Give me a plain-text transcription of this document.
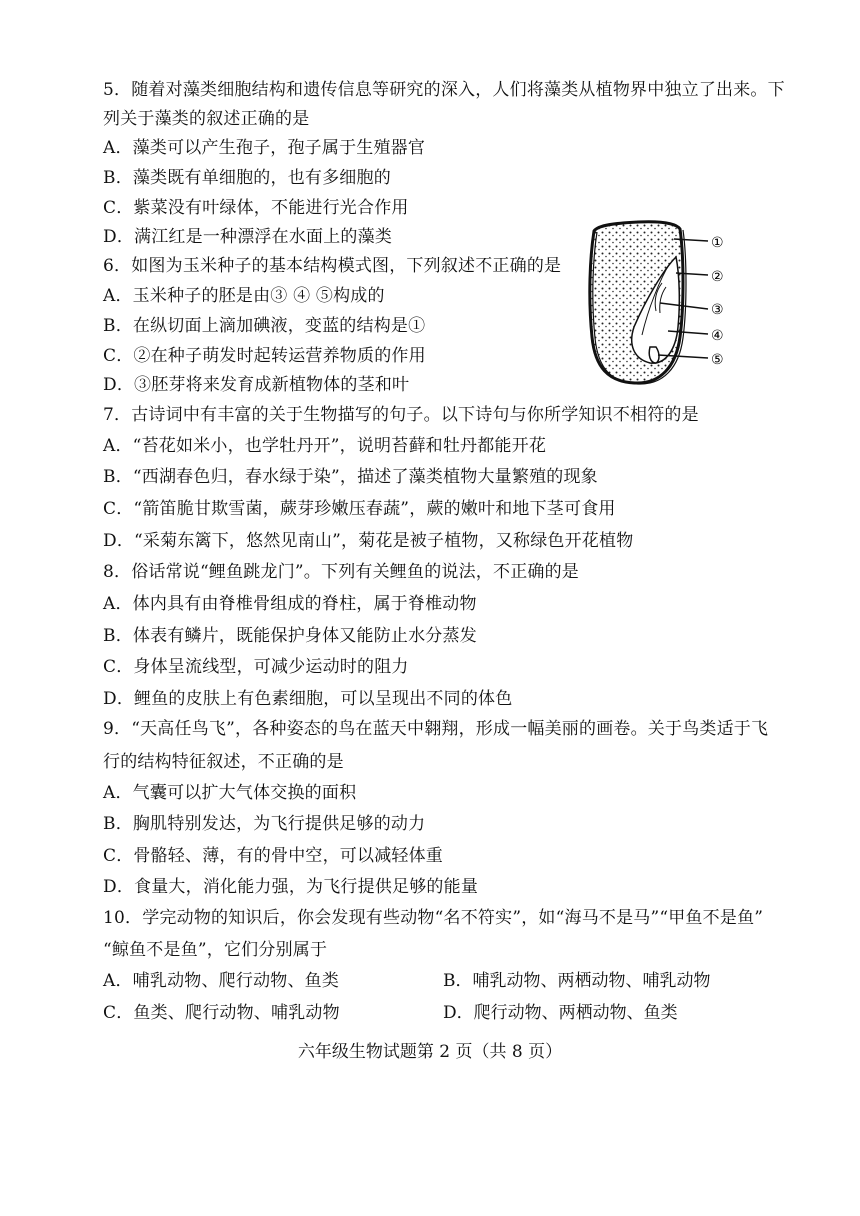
5．随着对藻类细胞结构和遗传信息等研究的深入，人们将藻类从植物界中独立了出来。下
列关于藻类的叙述正确的是
A．藻类可以产生孢子，孢子属于生殖器官
B．藻类既有单细胞的，也有多细胞的
C．紫菜没有叶绿体，不能进行光合作用
D．满江红是一种漂浮在水面上的藻类
6．如图为玉米种子的基本结构模式图，下列叙述不正确的是
A．玉米种子的胚是由③ ④ ⑤构成的
B．在纵切面上滴加碘液，变蓝的结构是①
C．②在种子萌发时起转运营养物质的作用
D．③胚芽将来发育成新植物体的茎和叶
①
②
③
④
⑤
7．古诗词中有丰富的关于生物描写的句子。以下诗句与你所学知识不相符的是
A．“苔花如米小，也学牡丹开”，说明苔藓和牡丹都能开花
B．“西湖春色归，春水绿于染”，描述了藻类植物大量繁殖的现象
C．“箭笛脆甘欺雪菌，蕨芽珍嫩压春蔬”，蕨的嫩叶和地下茎可食用
D．“采菊东篱下，悠然见南山”，菊花是被子植物，又称绿色开花植物
8．俗话常说“鲤鱼跳龙门”。下列有关鲤鱼的说法，不正确的是
A．体内具有由脊椎骨组成的脊柱，属于脊椎动物
B．体表有鳞片，既能保护身体又能防止水分蒸发
C．身体呈流线型，可减少运动时的阻力
D．鲤鱼的皮肤上有色素细胞，可以呈现出不同的体色
9．“天高任鸟飞”，各种姿态的鸟在蓝天中翱翔，形成一幅美丽的画卷。关于鸟类适于飞
行的结构特征叙述，不正确的是
A．气囊可以扩大气体交换的面积
B．胸肌特别发达，为飞行提供足够的动力
C．骨骼轻、薄，有的骨中空，可以减轻体重
D．食量大，消化能力强，为飞行提供足够的能量
10．学完动物的知识后，你会发现有些动物“名不符实”，如“海马不是马”“甲鱼不是鱼”
“鲸鱼不是鱼”，它们分别属于
A．哺乳动物、爬行动物、鱼类	B．哺乳动物、两栖动物、哺乳动物
C．鱼类、爬行动物、哺乳动物	D．爬行动物、两栖动物、鱼类
六年级生物试题第 2 页（共 8 页）
